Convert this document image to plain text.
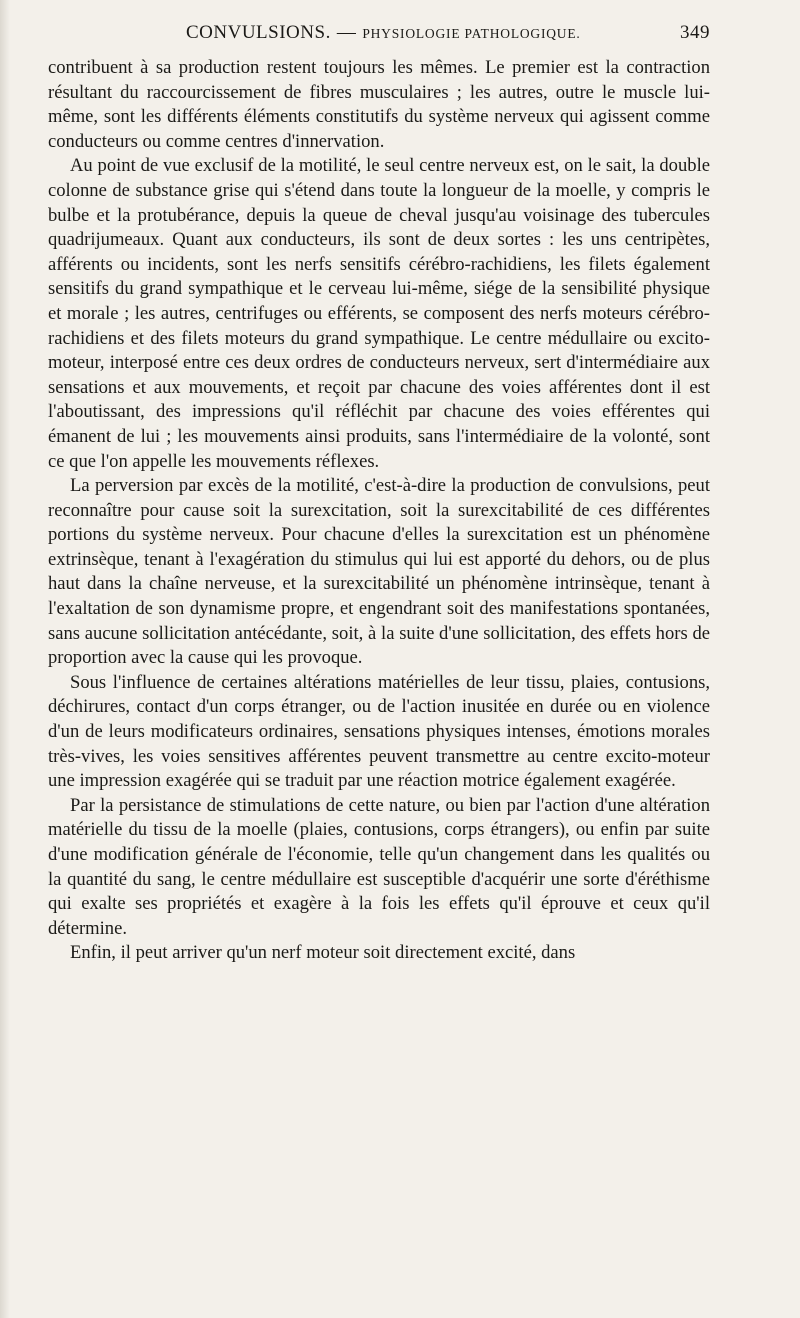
CONVULSIONS. — PHYSIOLOGIE PATHOLOGIQUE.	349

contribuent à sa production restent toujours les mêmes. Le premier est la contraction résultant du raccourcissement de fibres musculaires ; les autres, outre le muscle lui-même, sont les différents éléments constitutifs du système nerveux qui agissent comme conducteurs ou comme centres d'innervation.

Au point de vue exclusif de la motilité, le seul centre nerveux est, on le sait, la double colonne de substance grise qui s'étend dans toute la longueur de la moelle, y compris le bulbe et la protubérance, depuis la queue de cheval jusqu'au voisinage des tubercules quadrijumeaux. Quant aux conducteurs, ils sont de deux sortes : les uns centripètes, afférents ou incidents, sont les nerfs sensitifs cérébro-rachidiens, les filets également sensitifs du grand sympathique et le cerveau lui-même, siége de la sensibilité physique et morale ; les autres, centrifuges ou efférents, se composent des nerfs moteurs cérébro-rachidiens et des filets moteurs du grand sympathique. Le centre médullaire ou excito-moteur, interposé entre ces deux ordres de conducteurs nerveux, sert d'intermédiaire aux sensations et aux mouvements, et reçoit par chacune des voies afférentes dont il est l'aboutissant, des impressions qu'il réfléchit par chacune des voies efférentes qui émanent de lui ; les mouvements ainsi produits, sans l'intermédiaire de la volonté, sont ce que l'on appelle les mouvements réflexes.

La perversion par excès de la motilité, c'est-à-dire la production de convulsions, peut reconnaître pour cause soit la surexcitation, soit la surexcitabilité de ces différentes portions du système nerveux. Pour chacune d'elles la surexcitation est un phénomène extrinsèque, tenant à l'exagération du stimulus qui lui est apporté du dehors, ou de plus haut dans la chaîne nerveuse, et la surexcitabilité un phénomène intrinsèque, tenant à l'exaltation de son dynamisme propre, et engendrant soit des manifestations spontanées, sans aucune sollicitation antécédante, soit, à la suite d'une sollicitation, des effets hors de proportion avec la cause qui les provoque.

Sous l'influence de certaines altérations matérielles de leur tissu, plaies, contusions, déchirures, contact d'un corps étranger, ou de l'action inusitée en durée ou en violence d'un de leurs modificateurs ordinaires, sensations physiques intenses, émotions morales très-vives, les voies sensitives afférentes peuvent transmettre au centre excito-moteur une impression exagérée qui se traduit par une réaction motrice également exagérée.

Par la persistance de stimulations de cette nature, ou bien par l'action d'une altération matérielle du tissu de la moelle (plaies, contusions, corps étrangers), ou enfin par suite d'une modification générale de l'économie, telle qu'un changement dans les qualités ou la quantité du sang, le centre médullaire est susceptible d'acquérir une sorte d'éréthisme qui exalte ses propriétés et exagère à la fois les effets qu'il éprouve et ceux qu'il détermine.

Enfin, il peut arriver qu'un nerf moteur soit directement excité, dans
